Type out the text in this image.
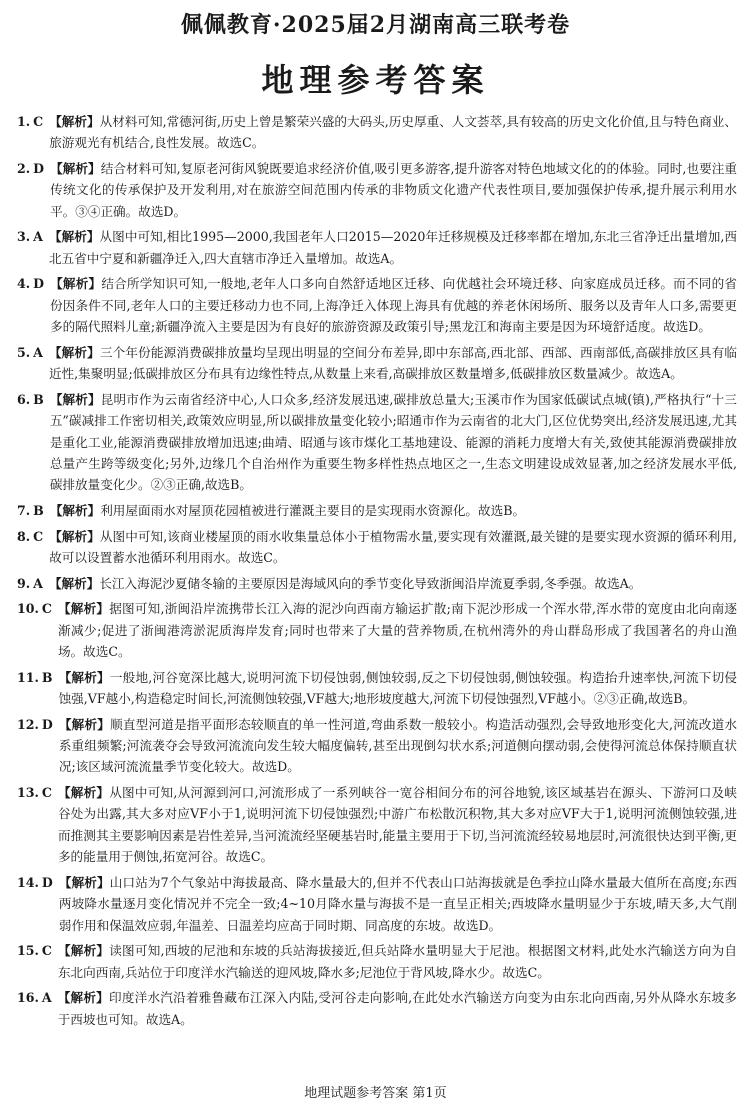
佩佩教育·2025届2月湖南高三联考卷
地理参考答案
1. C 【解析】从材料可知,常德河街,历史上曾是繁荣兴盛的大码头,历史厚重、人文荟萃,具有较高的历史文化价值,且与特色商业、旅游观光有机结合,良性发展。故选C。
2. D 【解析】结合材料可知,复原老河街风貌既要追求经济价值,吸引更多游客,提升游客对特色地域文化的的体验。同时,也要注重传统文化的传承保护及开发利用,对在旅游空间范围内传承的非物质文化遗产代表性项目,要加强保护传承,提升展示利用水平。③④正确。故选D。
3. A 【解析】从图中可知,相比1995—2000,我国老年人口2015—2020年迁移规模及迁移率都在增加,东北三省净迁出量增加,西北五省中宁夏和新疆净迁入,四大直辖市净迁入量增加。故选A。
4. D 【解析】结合所学知识可知,一般地,老年人口多向自然舒适地区迁移、向优越社会环境迁移、向家庭成员迁移。而不同的省份因条件不同,老年人口的主要迁移动力也不同,上海净迁入体现上海具有优越的养老休闲场所、服务以及青年人口多,需要更多的隔代照料儿童;新疆净流入主要是因为有良好的旅游资源及政策引导;黑龙江和海南主要是因为环境舒适度。故选D。
5. A 【解析】三个年份能源消费碳排放量均呈现出明显的空间分布差异,即中东部高,西北部、西部、西南部低,高碳排放区具有临近性,集聚明显;低碳排放区分布具有边缘性特点,从数量上来看,高碳排放区数量增多,低碳排放区数量减少。故选A。
6. B 【解析】昆明市作为云南省经济中心,人口众多,经济发展迅速,碳排放总量大;玉溪市作为国家低碳试点城(镇),严格执行“十三五”碳减排工作密切相关,政策效应明显,所以碳排放量变化较小;昭通市作为云南省的北大门,区位优势突出,经济发展迅速,尤其是重化工业,能源消费碳排放增加迅速;曲靖、昭通与该市煤化工基地建设、能源的消耗力度增大有关,致使其能源消费碳排放总量产生跨等级变化;另外,边缘几个自治州作为重要生物多样性热点地区之一,生态文明建设成效显著,加之经济发展水平低,碳排放量变化少。②③正确,故选B。
7. B 【解析】利用屋面雨水对屋顶花园植被进行灌溉主要目的是实现雨水资源化。故选B。
8. C 【解析】从图中可知,该商业楼屋顶的雨水收集量总体小于植物需水量,要实现有效灌溉,最关键的是要实现水资源的循环利用,故可以设置蓄水池循环利用雨水。故选C。
9. A 【解析】长江入海泥沙夏储冬输的主要原因是海域风向的季节变化导致浙闽沿岸流夏季弱,冬季强。故选A。
10. C 【解析】据图可知,浙闽沿岸流携带长江入海的泥沙向西南方输运扩散;南下泥沙形成一个浑水带,浑水带的宽度由北向南逐渐减少;促进了浙闽港湾淤泥质海岸发育;同时也带来了大量的营养物质,在杭州湾外的舟山群岛形成了我国著名的舟山渔场。故选C。
11. B 【解析】一般地,河谷宽深比越大,说明河流下切侵蚀弱,侧蚀较弱,反之下切侵蚀弱,侧蚀较强。构造抬升速率快,河流下切侵蚀强,VF越小,构造稳定时间长,河流侧蚀较强,VF越大;地形坡度越大,河流下切侵蚀强烈,VF越小。②③正确,故选B。
12. D 【解析】顺直型河道是指平面形态较顺直的单一性河道,弯曲系数一般较小。构造活动强烈,会导致地形变化大,河流改道水系重组频繁;河流袭夺会导致河流流向发生较大幅度偏转,甚至出现倒勾状水系;河道侧向摆动弱,会使得河流总体保持顺直状况;该区域河流流量季节变化较大。故选D。
13. C 【解析】从图中可知,从河源到河口,河流形成了一系列峡谷一宽谷相间分布的河谷地貌,该区域基岩在源头、下游河口及峡谷处为出露,其大多对应VF小于1,说明河流下切侵蚀强烈;中游广布松散沉积物,其大多对应VF大于1,说明河流侧蚀较强,进而推测其主要影响因素是岩性差异,当河流流经坚硬基岩时,能量主要用于下切,当河流流经较易地层时,河流很快达到平衡,更多的能量用于侧蚀,拓宽河谷。故选C。
14. D 【解析】山口站为7个气象站中海拔最高、降水量最大的,但并不代表山口站海拔就是色季拉山降水量最大值所在高度;东西两坡降水量逐月变化情况并不完全一致;4~10月降水量与海拔不是一直呈正相关;西坡降水量明显少于东坡,晴天多,大气削弱作用和保温效应弱,年温差、日温差均应高于同时期、同高度的东坡。故选D。
15. C 【解析】读图可知,西坡的尼池和东坡的兵站海拔接近,但兵站降水量明显大于尼池。根据图文材料,此处水汽输送方向为自东北向西南,兵站位于印度洋水汽输送的迎风坡,降水多;尼池位于背风坡,降水少。故选C。
16. A 【解析】印度洋水汽沿着雅鲁藏布江深入内陆,受河谷走向影响,在此处水汽输送方向变为由东北向西南,另外从降水东坡多于西坡也可知。故选A。
地理试题参考答案 第1页
